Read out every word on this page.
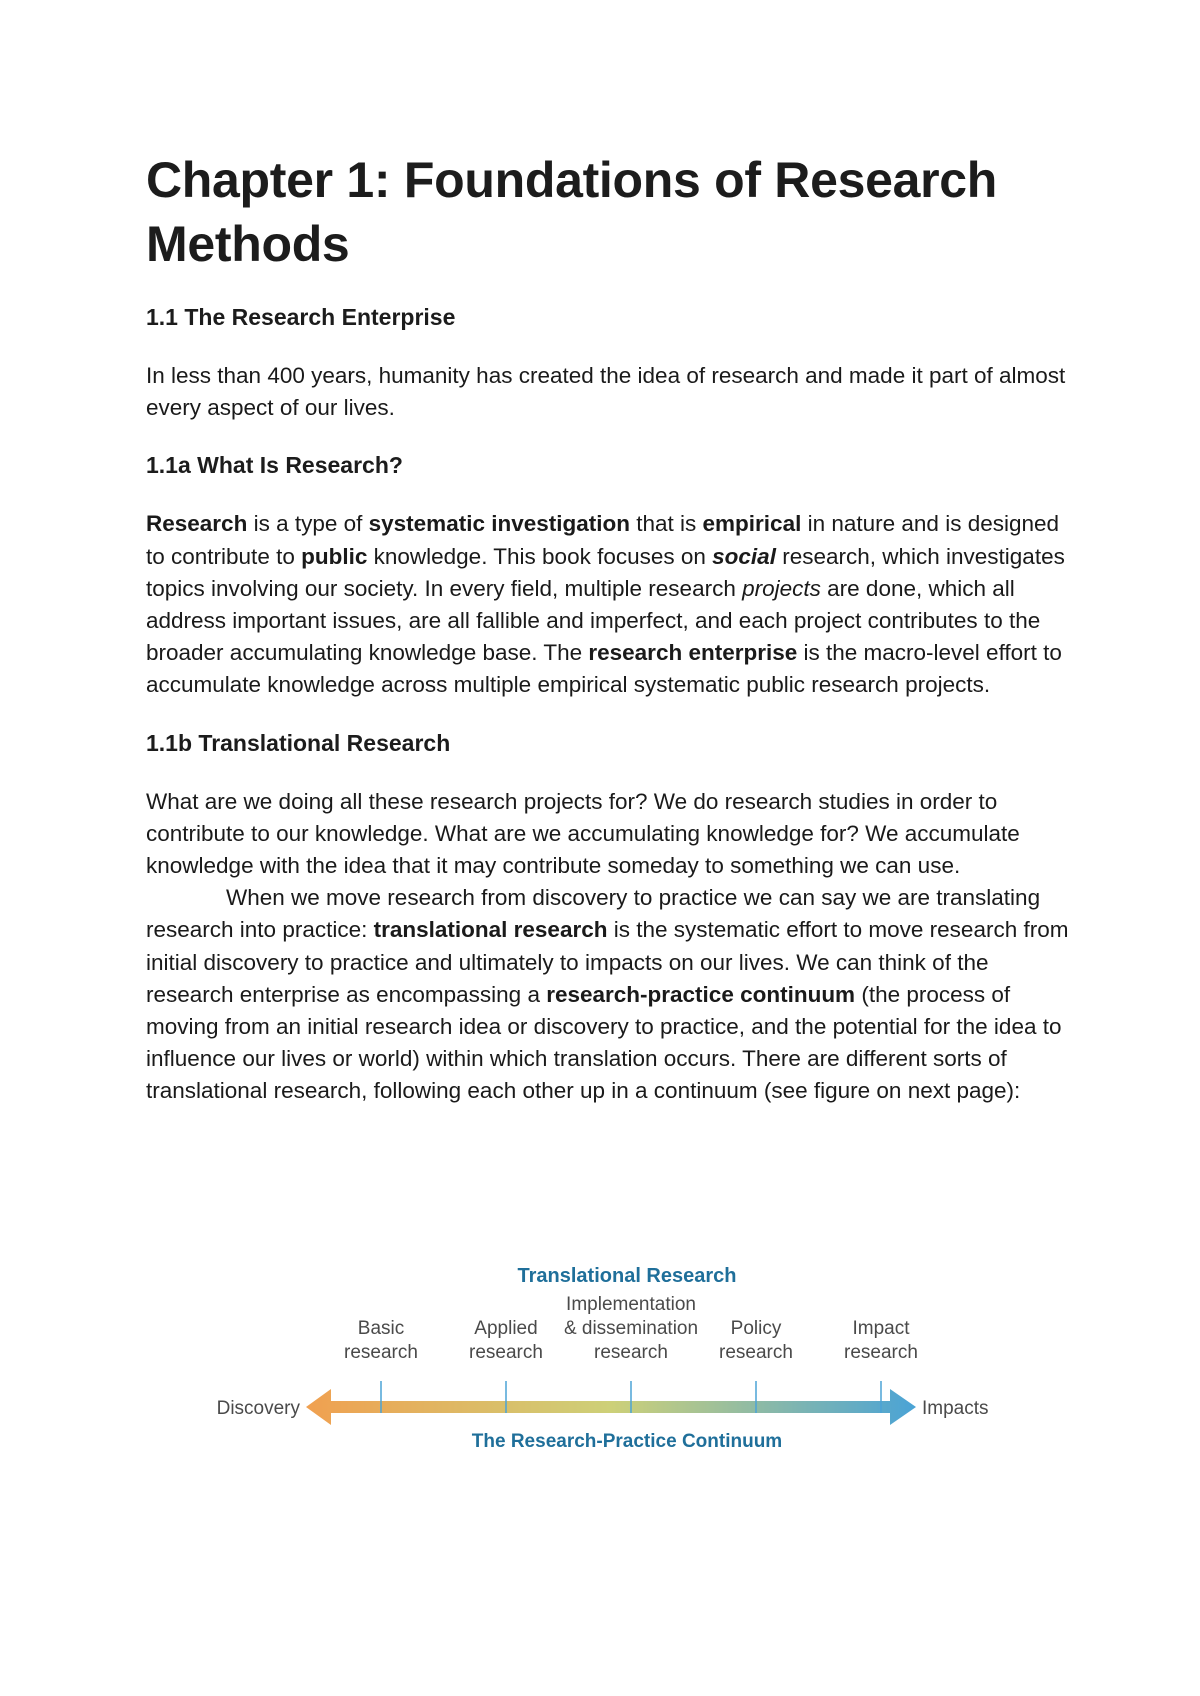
Chapter 1: Foundations of Research Methods
1.1 The Research Enterprise

In less than 400 years, humanity has created the idea of research and made it part of almost every aspect of our lives.

1.1a What Is Research?

Research is a type of systematic investigation that is empirical in nature and is designed to contribute to public knowledge. This book focuses on social research, which investigates topics involving our society. In every field, multiple research projects are done, which all address important issues, are all fallible and imperfect, and each project contributes to the broader accumulating knowledge base. The research enterprise is the macro-level effort to accumulate knowledge across multiple empirical systematic public research projects.

1.1b Translational Research

What are we doing all these research projects for? We do research studies in order to contribute to our knowledge. What are we accumulating knowledge for? We accumulate knowledge with the idea that it may contribute someday to something we can use.

When we move research from discovery to practice we can say we are translating research into practice: translational research is the systematic effort to move research from initial discovery to practice and ultimately to impacts on our lives. We can think of the research enterprise as encompassing a research-practice continuum (the process of moving from an initial research idea or discovery to practice, and the potential for the idea to influence our lives or world) within which translation occurs. There are different sorts of translational research, following each other up in a continuum (see figure on next page):

Translational Research
Basic
research
Applied
research
Implementation
& dissemination
research
Policy
research
Impact
research
Discovery	Impacts
The Research-Practice Continuum
